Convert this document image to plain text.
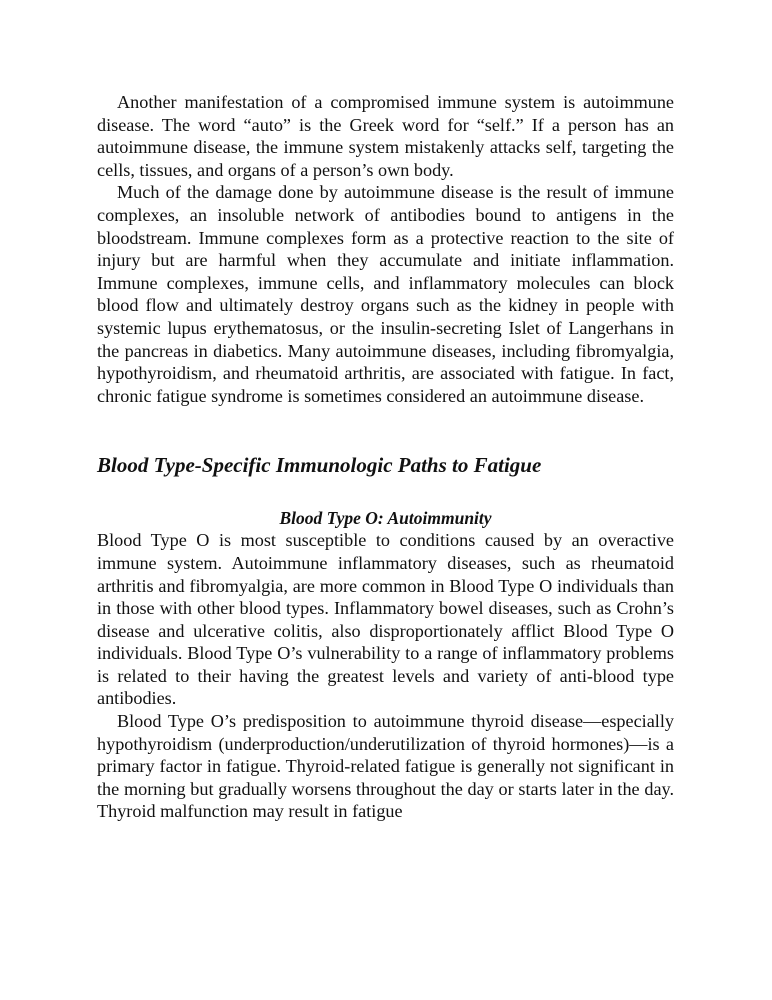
Another manifestation of a compromised immune system is autoimmune disease. The word “auto” is the Greek word for “self.” If a person has an autoimmune disease, the immune system mistakenly attacks self, targeting the cells, tissues, and organs of a person’s own body.

Much of the damage done by autoimmune disease is the result of immune complexes, an insoluble network of antibodies bound to antigens in the bloodstream. Immune complexes form as a protective reaction to the site of injury but are harmful when they accumulate and initiate inflammation. Immune complexes, immune cells, and inflammatory molecules can block blood flow and ultimately destroy organs such as the kidney in people with systemic lupus erythematosus, or the insulin-secreting Islet of Langerhans in the pancreas in diabetics. Many autoimmune diseases, including fibromyalgia, hypothyroidism, and rheumatoid arthritis, are associated with fatigue. In fact, chronic fatigue syndrome is sometimes considered an autoimmune disease.

Blood Type-Specific Immunologic Paths to Fatigue
Blood Type O: Autoimmunity

Blood Type O is most susceptible to conditions caused by an overactive immune system. Autoimmune inflammatory diseases, such as rheumatoid arthritis and fibromyalgia, are more common in Blood Type O individuals than in those with other blood types. Inflammatory bowel diseases, such as Crohn’s disease and ulcerative colitis, also disproportionately afflict Blood Type O individuals. Blood Type O’s vulnerability to a range of inflammatory problems is related to their having the greatest levels and variety of anti-blood type antibodies.

Blood Type O’s predisposition to autoimmune thyroid disease—especially hypothyroidism (underproduction/underutilization of thyroid hormones)—is a primary factor in fatigue. Thyroid-related fatigue is generally not significant in the morning but gradually worsens throughout the day or starts later in the day. Thyroid malfunction may result in fatigue
